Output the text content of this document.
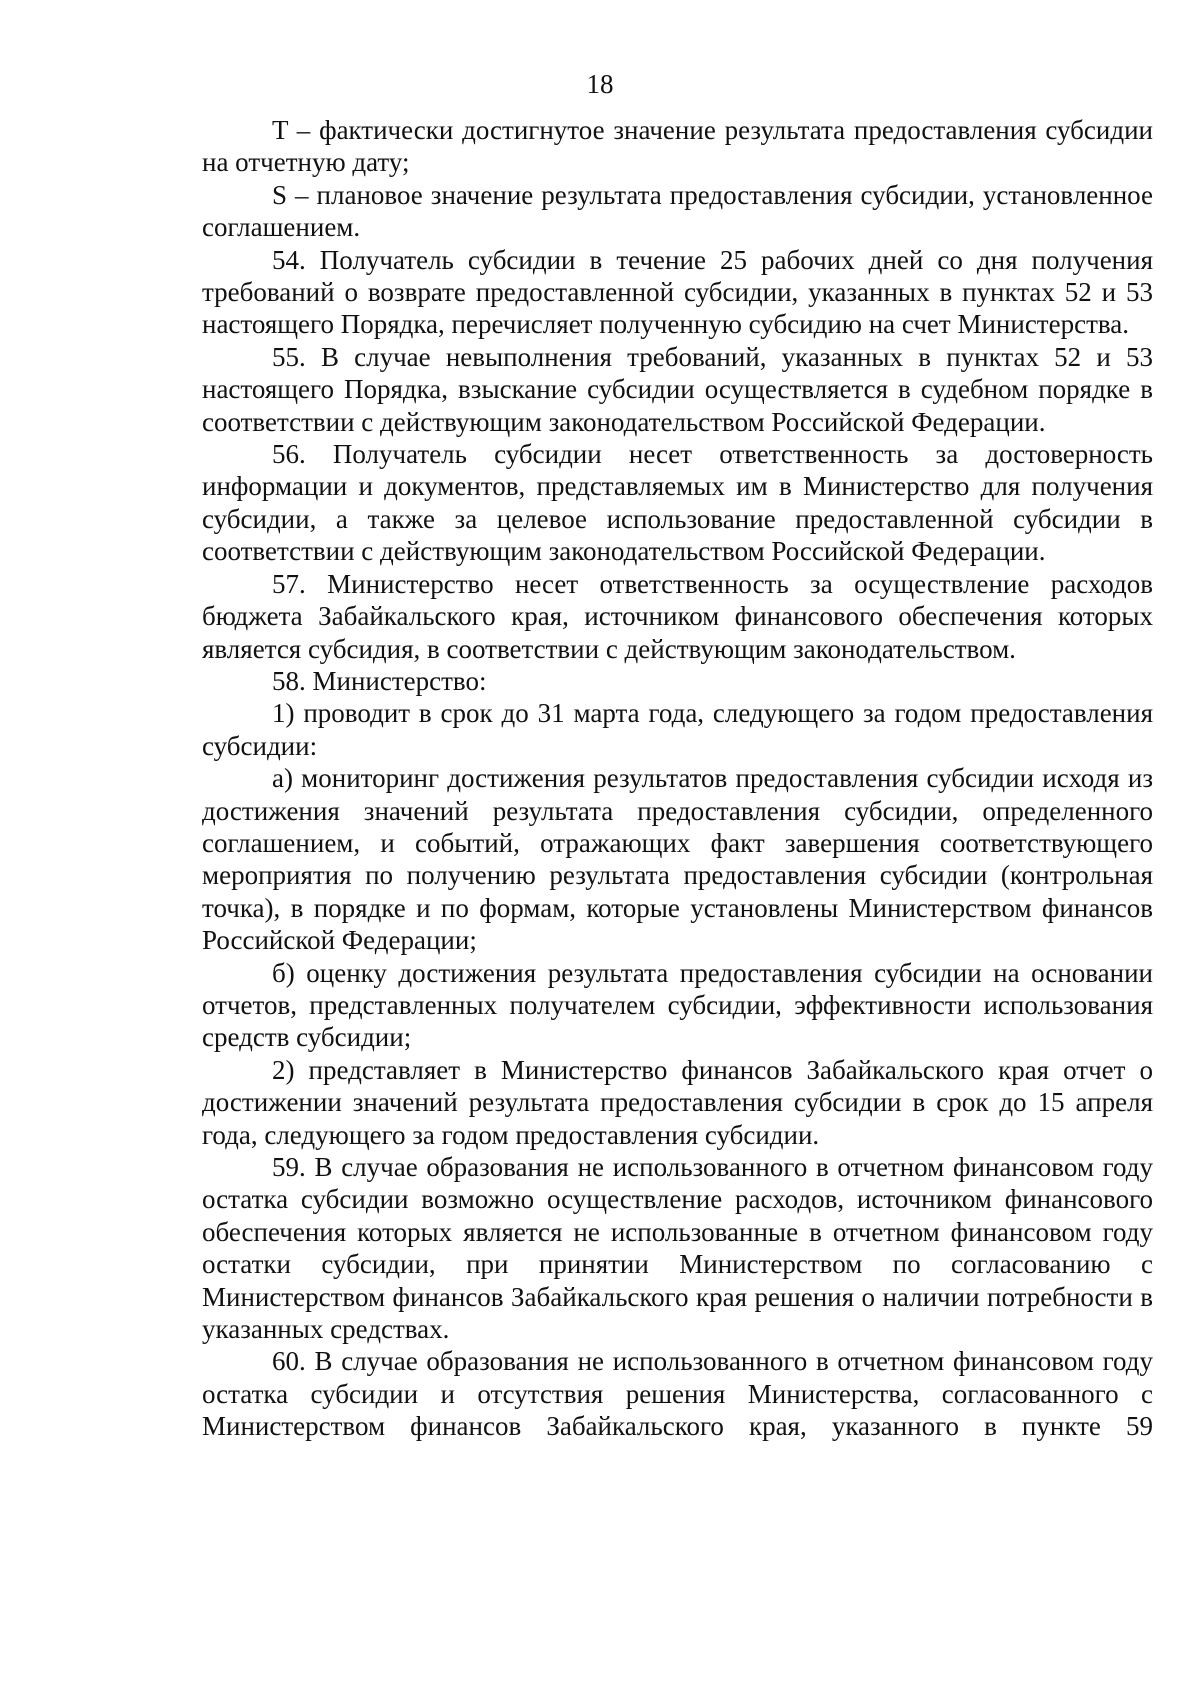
18

T – фактически достигнутое значение результата предоставления субсидии на отчетную дату;

S – плановое значение результата предоставления субсидии, установленное соглашением.

54. Получатель субсидии в течение 25 рабочих дней со дня получения требований о возврате предоставленной субсидии, указанных в пунктах 52 и 53 настоящего Порядка, перечисляет полученную субсидию на счет Министерства.

55. В случае невыполнения требований, указанных в пунктах 52 и 53 настоящего Порядка, взыскание субсидии осуществляется в судебном порядке в соответствии с действующим законодательством Российской Федерации.

56. Получатель субсидии несет ответственность за достоверность информации и документов, представляемых им в Министерство для получения субсидии, а также за целевое использование предоставленной субсидии в соответствии с действующим законодательством Российской Федерации.

57. Министерство несет ответственность за осуществление расходов бюджета Забайкальского края, источником финансового обеспечения которых является субсидия, в соответствии с действующим законодательством.

58. Министерство:

1) проводит в срок до 31 марта года, следующего за годом предоставления субсидии:

а) мониторинг достижения результатов предоставления субсидии исходя из достижения значений результата предоставления субсидии, определенного соглашением, и событий, отражающих факт завершения соответствующего мероприятия по получению результата предоставления субсидии (контрольная точка), в порядке и по формам, которые установлены Министерством финансов Российской Федерации;

б) оценку достижения результата предоставления субсидии на основании отчетов, представленных получателем субсидии, эффективности использования средств субсидии;

2) представляет в Министерство финансов Забайкальского края отчет о достижении значений результата предоставления субсидии в срок до 15 апреля года, следующего за годом предоставления субсидии.

59. В случае образования не использованного в отчетном финансовом году остатка субсидии возможно осуществление расходов, источником финансового обеспечения которых является не использованные в отчетном финансовом году остатки субсидии, при принятии Министерством по согласованию с Министерством финансов Забайкальского края решения о наличии потребности в указанных средствах.

60. В случае образования не использованного в отчетном финансовом году остатка субсидии и отсутствия решения Министерства, согласованного с Министерством финансов Забайкальского края, указанного в пункте 59
